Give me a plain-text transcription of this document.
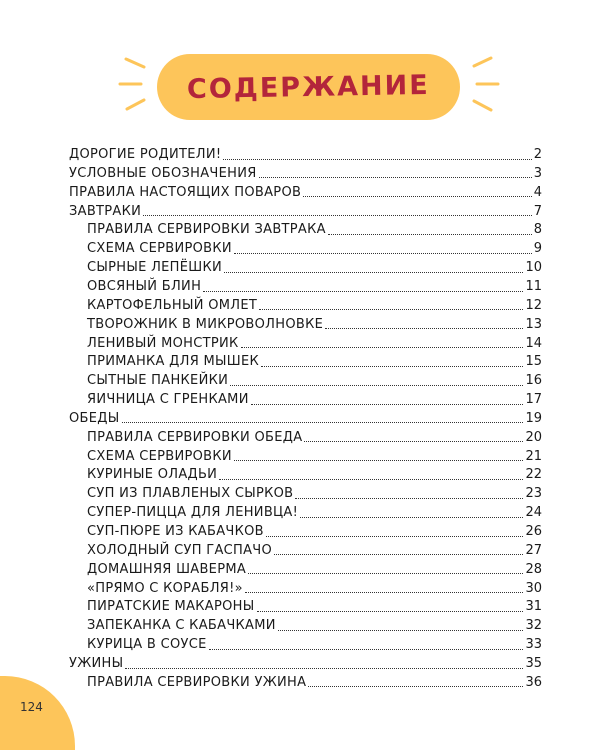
СОДЕРЖАНИЕ
ДОРОГИЕ РОДИТЕЛИ!	2
УСЛОВНЫЕ ОБОЗНАЧЕНИЯ	3
ПРАВИЛА НАСТОЯЩИХ ПОВАРОВ	4
ЗАВТРАКИ	7
ПРАВИЛА СЕРВИРОВКИ ЗАВТРАКА	8
СХЕМА СЕРВИРОВКИ	9
СЫРНЫЕ ЛЕПЁШКИ	10
ОВСЯНЫЙ БЛИН	11
КАРТОФЕЛЬНЫЙ ОМЛЕТ	12
ТВОРОЖНИК В МИКРОВОЛНОВКЕ	13
ЛЕНИВЫЙ МОНСТРИК	14
ПРИМАНКА ДЛЯ МЫШЕК	15
СЫТНЫЕ ПАНКЕЙКИ	16
ЯИЧНИЦА С ГРЕНКАМИ	17
ОБЕДЫ	19
ПРАВИЛА СЕРВИРОВКИ ОБЕДА	20
СХЕМА СЕРВИРОВКИ	21
КУРИНЫЕ ОЛАДЬИ	22
СУП ИЗ ПЛАВЛЕНЫХ СЫРКОВ	23
СУПЕР-ПИЦЦА ДЛЯ ЛЕНИВЦА!	24
СУП-ПЮРЕ ИЗ КАБАЧКОВ	26
ХОЛОДНЫЙ СУП ГАСПАЧО	27
ДОМАШНЯЯ ШАВЕРМА	28
«ПРЯМО С КОРАБЛЯ!»	30
ПИРАТСКИЕ МАКАРОНЫ	31
ЗАПЕКАНКА С КАБАЧКАМИ	32
КУРИЦА В СОУСЕ	33
УЖИНЫ	35
ПРАВИЛА СЕРВИРОВКИ УЖИНА	36
124
